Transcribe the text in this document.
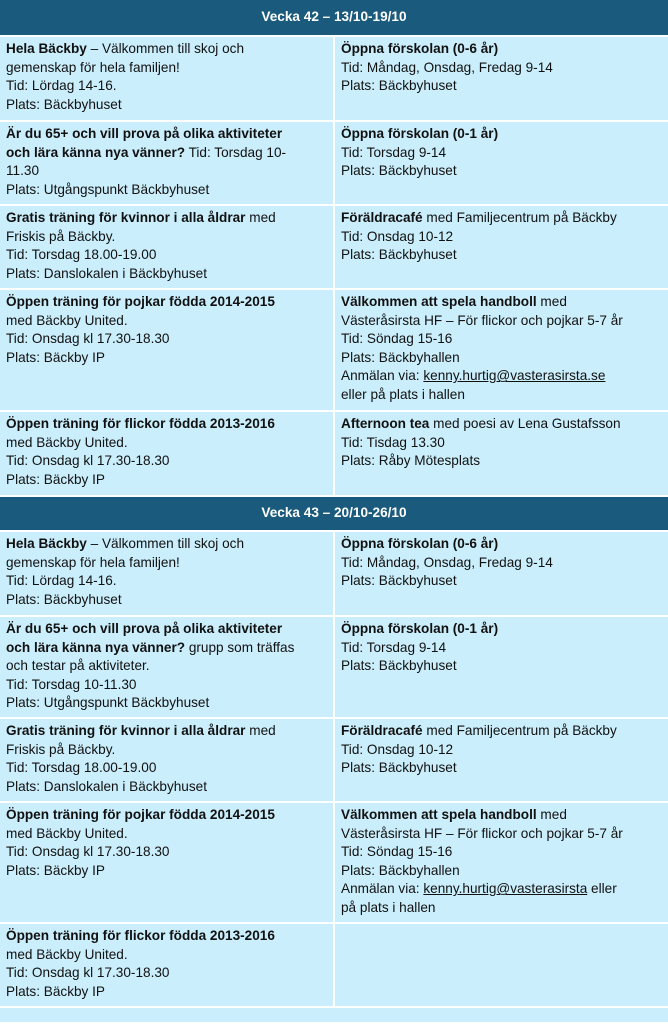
Vecka 42 – 13/10-19/10
Hela Bäckby – Välkommen till skoj och
gemenskap för hela familjen!
Tid: Lördag 14-16.
Plats: Bäckbyhuset
Öppna förskolan (0-6 år)
Tid: Måndag, Onsdag, Fredag 9-14
Plats: Bäckbyhuset
Är du 65+ och vill prova på olika aktiviteter
och lära känna nya vänner? Tid: Torsdag 10-
11.30
Plats: Utgångspunkt Bäckbyhuset
Öppna förskolan (0-1 år)
Tid: Torsdag 9-14
Plats: Bäckbyhuset
Gratis träning för kvinnor i alla åldrar med
Friskis på Bäckby.
Tid: Torsdag 18.00-19.00
Plats: Danslokalen i Bäckbyhuset
Föräldracafé med Familjecentrum på Bäckby
Tid: Onsdag 10-12
Plats: Bäckbyhuset
Öppen träning för pojkar födda 2014-2015
med Bäckby United.
Tid: Onsdag kl 17.30-18.30
Plats: Bäckby IP
Välkommen att spela handboll med
Västeråsirsta HF – För flickor och pojkar 5-7 år
Tid: Söndag 15-16
Plats: Bäckbyhallen
Anmälan via: kenny.hurtig@vasterasirsta.se
eller på plats i hallen
Öppen träning för flickor födda 2013-2016
med Bäckby United.
Tid: Onsdag kl 17.30-18.30
Plats: Bäckby IP
Afternoon tea med poesi av Lena Gustafsson
Tid: Tisdag 13.30
Plats: Råby Mötesplats
Vecka 43 – 20/10-26/10
Hela Bäckby – Välkommen till skoj och
gemenskap för hela familjen!
Tid: Lördag 14-16.
Plats: Bäckbyhuset
Öppna förskolan (0-6 år)
Tid: Måndag, Onsdag, Fredag 9-14
Plats: Bäckbyhuset
Är du 65+ och vill prova på olika aktiviteter
och lära känna nya vänner? grupp som träffas
och testar på aktiviteter.
Tid: Torsdag 10-11.30
Plats: Utgångspunkt Bäckbyhuset
Öppna förskolan (0-1 år)
Tid: Torsdag 9-14
Plats: Bäckbyhuset
Gratis träning för kvinnor i alla åldrar med
Friskis på Bäckby.
Tid: Torsdag 18.00-19.00
Plats: Danslokalen i Bäckbyhuset
Föräldracafé med Familjecentrum på Bäckby
Tid: Onsdag 10-12
Plats: Bäckbyhuset
Öppen träning för pojkar födda 2014-2015
med Bäckby United.
Tid: Onsdag kl 17.30-18.30
Plats: Bäckby IP
Välkommen att spela handboll med
Västeråsirsta HF – För flickor och pojkar 5-7 år
Tid: Söndag 15-16
Plats: Bäckbyhallen
Anmälan via: kenny.hurtig@vasterasirsta eller
på plats i hallen
Öppen träning för flickor födda 2013-2016
med Bäckby United.
Tid: Onsdag kl 17.30-18.30
Plats: Bäckby IP
